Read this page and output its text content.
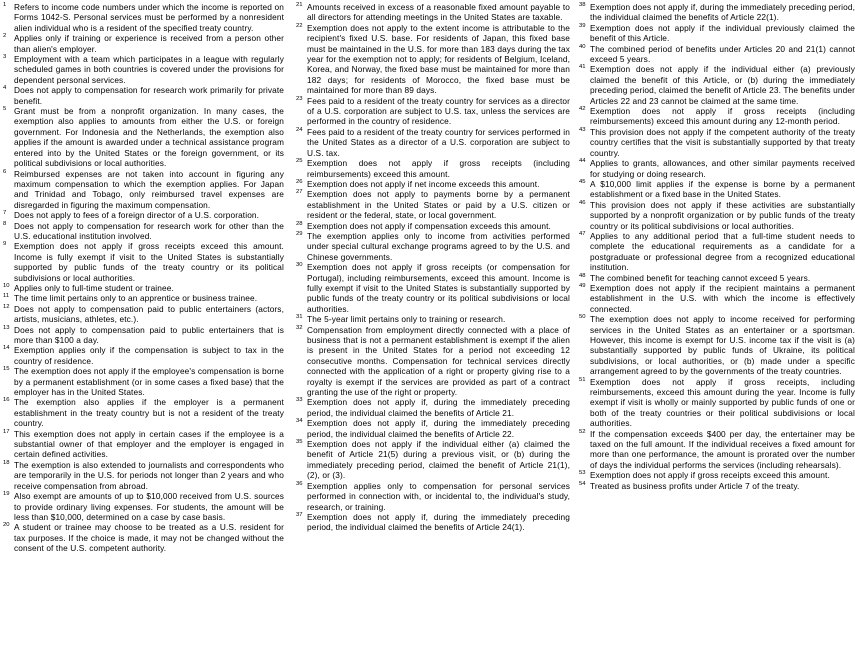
1 Refers to income code numbers under which the income is reported on Forms 1042-S. Personal services must be performed by a nonresident alien individual who is a resident of the specified treaty country.
2 Applies only if training or experience is received from a person other than alien's employer.
3 Employment with a team which participates in a league with regularly scheduled games in both countries is covered under the provisions for dependent personal services.
4 Does not apply to compensation for research work primarily for private benefit.
5 Grant must be from a nonprofit organization. In many cases, the exemption also applies to amounts from either the U.S. or foreign government. For Indonesia and the Netherlands, the exemption also applies if the amount is awarded under a technical assistance program entered into by the United States or the foreign government, or its political subdivisions or local authorities.
6 Reimbursed expenses are not taken into account in figuring any maximum compensation to which the exemption applies. For Japan and Trinidad and Tobago, only reimbursed travel expenses are disregarded in figuring the maximum compensation.
7 Does not apply to fees of a foreign director of a U.S. corporation.
8 Does not apply to compensation for research work for other than the U.S. educational institution involved.
9 Exemption does not apply if gross receipts exceed this amount. Income is fully exempt if visit to the United States is substantially supported by public funds of the treaty country or its political subdivisions or local authorities.
10 Applies only to full-time student or trainee.
11 The time limit pertains only to an apprentice or business trainee.
12 Does not apply to compensation paid to public entertainers (actors, artists, musicians, athletes, etc.).
13 Does not apply to compensation paid to public entertainers that is more than $100 a day.
14 Exemption applies only if the compensation is subject to tax in the country of residence.
15 The exemption does not apply if the employee's compensation is borne by a permanent establishment (or in some cases a fixed base) that the employer has in the United States.
16 The exemption also applies if the employer is a permanent establishment in the treaty country but is not a resident of the treaty country.
17 This exemption does not apply in certain cases if the employee is a substantial owner of that employer and the employer is engaged in certain defined activities.
18 The exemption is also extended to journalists and correspondents who are temporarily in the U.S. for periods not longer than 2 years and who receive compensation from abroad.
19 Also exempt are amounts of up to $10,000 received from U.S. sources to provide ordinary living expenses. For students, the amount will be less than $10,000, determined on a case by case basis.
20 A student or trainee may choose to be treated as a U.S. resident for tax purposes. If the choice is made, it may not be changed without the consent of the U.S. competent authority.
21 Amounts received in excess of a reasonable fixed amount payable to all directors for attending meetings in the United States are taxable.
22 Exemption does not apply to the extent income is attributable to the recipient's fixed U.S. base. For residents of Japan, this fixed base must be maintained in the U.S. for more than 183 days during the tax year for the exemption not to apply; for residents of Belgium, Iceland, Korea, and Norway, the fixed base must be maintained for more than 182 days; for residents of Morocco, the fixed base must be maintained for more than 89 days.
23 Fees paid to a resident of the treaty country for services as a director of a U.S. corporation are subject to U.S. tax, unless the services are performed in the country of residence.
24 Fees paid to a resident of the treaty country for services performed in the United States as a director of a U.S. corporation are subject to U.S. tax.
25 Exemption does not apply if gross receipts (including reimbursements) exceed this amount.
26 Exemption does not apply if net income exceeds this amount.
27 Exemption does not apply to payments borne by a permanent establishment in the United States or paid by a U.S. citizen or resident or the federal, state, or local government.
28 Exemption does not apply if compensation exceeds this amount.
29 The exemption applies only to income from activities performed under special cultural exchange programs agreed to by the U.S. and Chinese governments.
30 Exemption does not apply if gross receipts (or compensation for Portugal), including reimbursements, exceed this amount. Income is fully exempt if visit to the United States is substantially supported by public funds of the treaty country or its political subdivisions or local authorities.
31 The 5-year limit pertains only to training or research.
32 Compensation from employment directly connected with a place of business that is not a permanent establishment is exempt if the alien is present in the United States for a period not exceeding 12 consecutive months. Compensation for technical services directly connected with the application of a right or property giving rise to a royalty is exempt if the services are provided as part of a contract granting the use of the right or property.
33 Exemption does not apply if, during the immediately preceding period, the individual claimed the benefits of Article 21.
34 Exemption does not apply if, during the immediately preceding period, the individual claimed the benefits of Article 22.
35 Exemption does not apply if the individual either (a) claimed the benefit of Article 21(5) during a previous visit, or (b) during the immediately preceding period, claimed the benefit of Article 21(1), (2), or (3).
36 Exemption applies only to compensation for personal services performed in connection with, or incidental to, the individual's study, research, or training.
37 Exemption does not apply if, during the immediately preceding period, the individual claimed the benefits of Article 24(1).
38 Exemption does not apply if, during the immediately preceding period, the individual claimed the benefits of Article 22(1).
39 Exemption does not apply if the individual previously claimed the benefit of this Article.
40 The combined period of benefits under Articles 20 and 21(1) cannot exceed 5 years.
41 Exemption does not apply if the individual either (a) previously claimed the benefit of this Article, or (b) during the immediately preceding period, claimed the benefit of Article 23. The benefits under Articles 22 and 23 cannot be claimed at the same time.
42 Exemption does not apply if gross receipts (including reimbursements) exceed this amount during any 12-month period.
43 This provision does not apply if the competent authority of the treaty country certifies that the visit is substantially supported by that treaty country.
44 Applies to grants, allowances, and other similar payments received for studying or doing research.
45 A $10,000 limit applies if the expense is borne by a permanent establishment or a fixed base in the United States.
46 This provision does not apply if these activities are substantially supported by a nonprofit organization or by public funds of the treaty country or its political subdivisions or local authorities.
47 Applies to any additional period that a full-time student needs to complete the educational requirements as a candidate for a postgraduate or professional degree from a recognized educational institution.
48 The combined benefit for teaching cannot exceed 5 years.
49 Exemption does not apply if the recipient maintains a permanent establishment in the U.S. with which the income is effectively connected.
50 The exemption does not apply to income received for performing services in the United States as an entertainer or a sportsman. However, this income is exempt for U.S. income tax if the visit is (a) substantially supported by public funds of Ukraine, its political subdivisions, or local authorities, or (b) made under a specific arrangement agreed to by the governments of the treaty countries.
51 Exemption does not apply if gross receipts, including reimbursements, exceed this amount during the year. Income is fully exempt if visit is wholly or mainly supported by public funds of one or both of the treaty countries or their political subdivisions or local authorities.
52 If the compensation exceeds $400 per day, the entertainer may be taxed on the full amount. If the individual receives a fixed amount for more than one performance, the amount is prorated over the number of days the individual performs the services (including rehearsals).
53 Exemption does not apply if gross receipts exceed this amount.
54 Treated as business profits under Article 7 of the treaty.
